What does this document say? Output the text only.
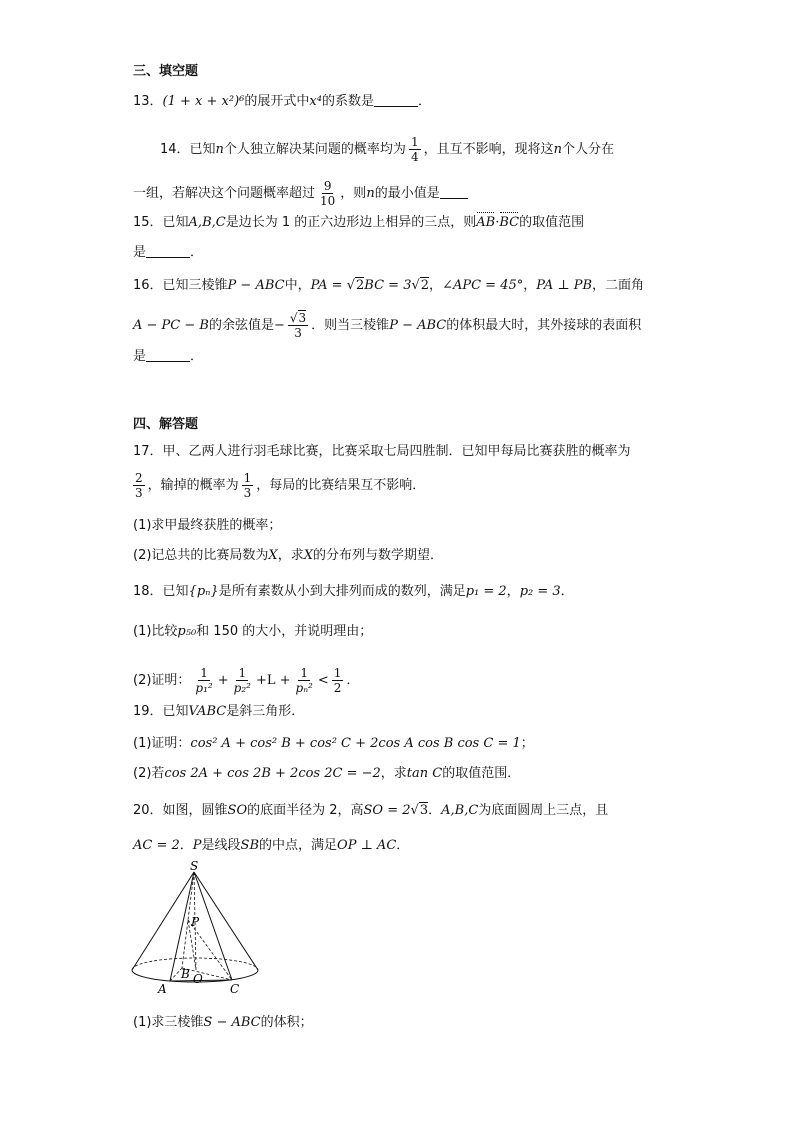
三、填空题
13．(1 + x + x²)⁶的展开式中x⁴的系数是	．
14．已知n个人独立解决某问题的概率均为 $\frac{1}{4}$ ，且互不影响，现将这n个人分在
一组，若解决这个问题概率超过 $\frac{9}{10}$ ，则n的最小值是
15．已知A,B,C是边长为 1 的正六边形边上相异的三点，则AB·BC的取值范围
是	．
16．已知三棱锥P − ABC中，PA = √2BC = 3√2，∠APC = 45°，PA ⊥ PB，二面角
A − PC − B的余弦值是− $\frac{√3}{3}$ ．则当三棱锥P − ABC的体积最大时，其外接球的表面积
是	．
四、解答题
17．甲、乙两人进行羽毛球比赛，比赛采取七局四胜制．已知甲每局比赛获胜的概率为
$\frac{2}{3}$ ，输掉的概率为 $\frac{1}{3}$ ，每局的比赛结果互不影响．
(1)求甲最终获胜的概率；
(2)记总共的比赛局数为X，求X的分布列与数学期望．
18．已知{pₙ}是所有素数从小到大排列而成的数列，满足p₁ = 2，p₂ = 3．
(1)比较p₅₀和 150 的大小，并说明理由；
(2)证明： $\frac{1}{\text{p₁²}} + \frac{1}{\text{p₂²}} +L + \frac{1}{\text{pₙ²}} < \frac{1}{2}$ ．
19．已知VABC是斜三角形．
(1)证明：cos² A + cos² B + cos² C + 2cos A cos B cos C = 1；
(2)若cos 2A + cos 2B + 2cos 2C = −2，求tan C的取值范围．
20．如图，圆锥SO的底面半径为 2，高SO = 2√3．A,B,C为底面圆周上三点，且
AC = 2．P是线段SB的中点，满足OP ⊥ AC．
S
P
B O
A	C
(1)求三棱锥S − ABC的体积；
